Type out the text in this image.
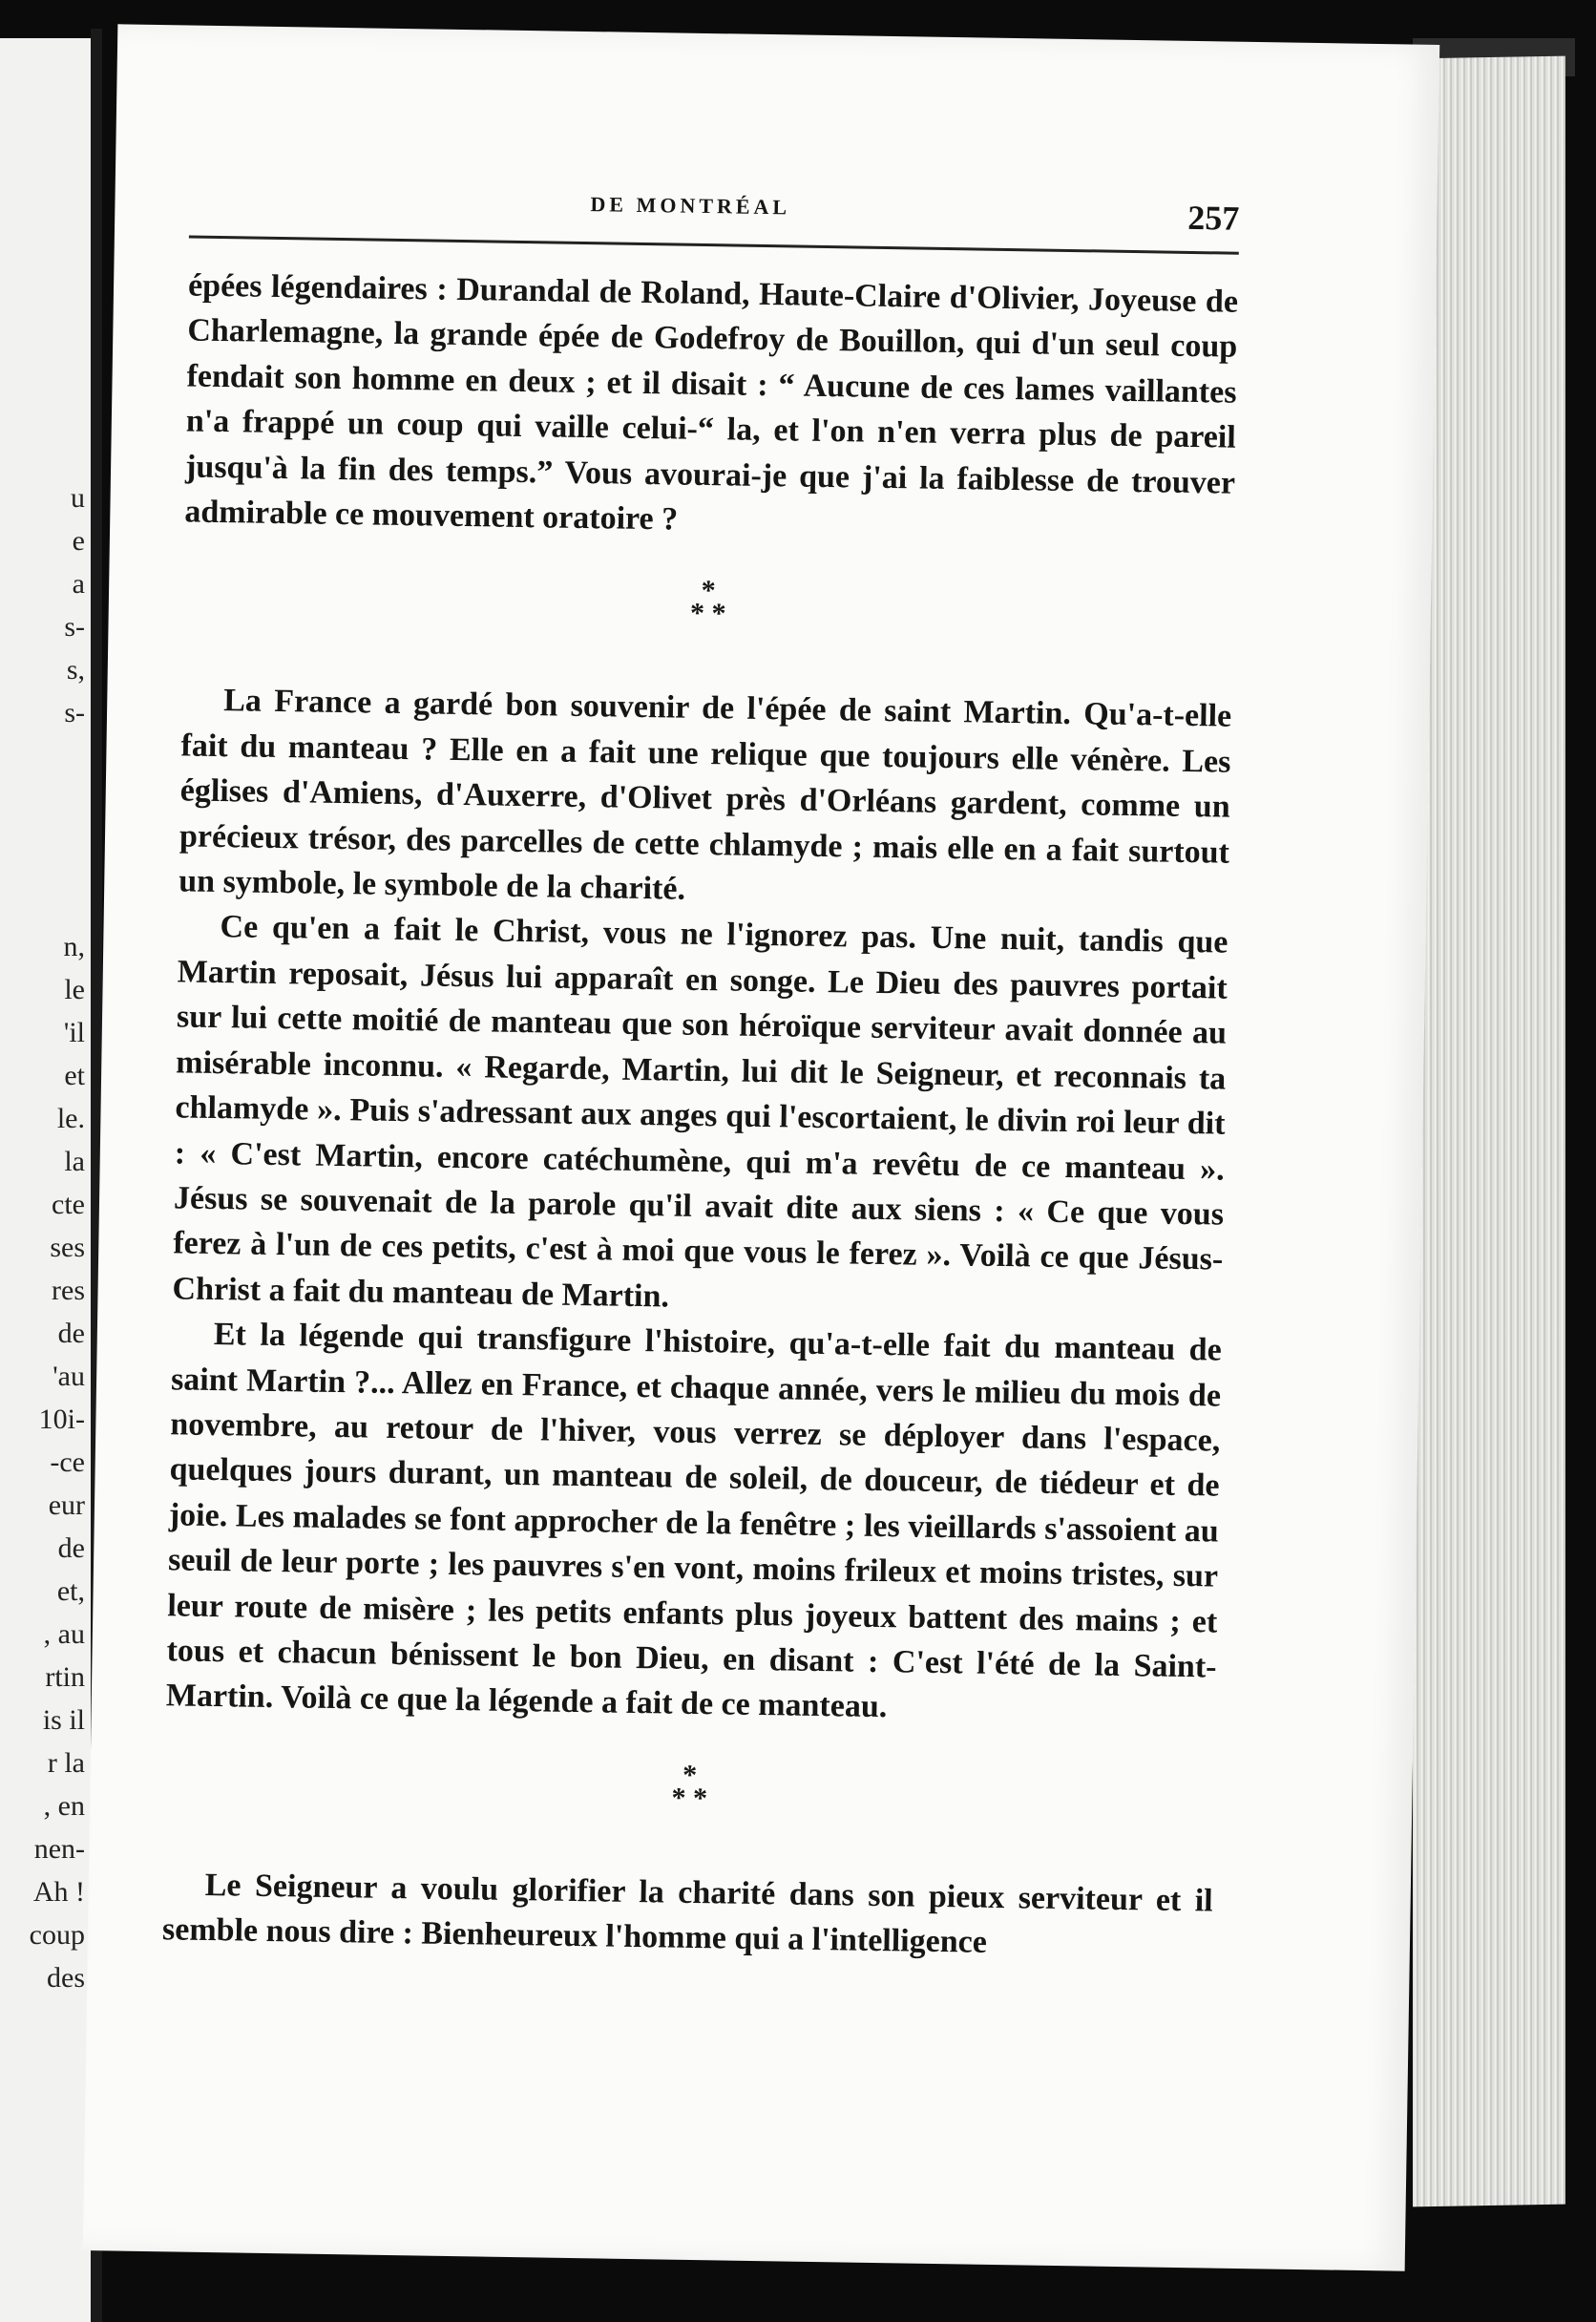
u
e
a
s-
s,
s-
n,
le
'il
et
le.
la
cte
ses
res
de
'au
10i-
-ce
eur
de
et,
, au
rtin
is il
r la
, en
nen-
Ah !
coup
des
DE MONTRÉAL	257

épées légendaires : Durandal de Roland, Haute-Claire d'Olivier, Joyeuse de Charlemagne, la grande épée de Godefroy de Bouillon, qui d'un seul coup fendait son homme en deux ; et il disait : “ Aucune de ces lames vaillantes n'a frappé un coup qui vaille celui-“ la, et l'on n'en verra plus de pareil jusqu'à la fin des temps.” Vous avourai-je que j'ai la faiblesse de trouver admirable ce mouvement oratoire ?

*
* *

La France a gardé bon souvenir de l'épée de saint Martin. Qu'a-t-elle fait du manteau ? Elle en a fait une relique que toujours elle vénère. Les églises d'Amiens, d'Auxerre, d'Olivet près d'Orléans gardent, comme un précieux trésor, des parcelles de cette chlamyde ; mais elle en a fait surtout un symbole, le symbole de la charité.

Ce qu'en a fait le Christ, vous ne l'ignorez pas. Une nuit, tandis que Martin reposait, Jésus lui apparaît en songe. Le Dieu des pauvres portait sur lui cette moitié de manteau que son héroïque serviteur avait donnée au misérable inconnu. « Regarde, Martin, lui dit le Seigneur, et reconnais ta chlamyde ». Puis s'adressant aux anges qui l'escortaient, le divin roi leur dit : « C'est Martin, encore catéchumène, qui m'a revêtu de ce manteau ». Jésus se souvenait de la parole qu'il avait dite aux siens : « Ce que vous ferez à l'un de ces petits, c'est à moi que vous le ferez ». Voilà ce que Jésus-Christ a fait du manteau de Martin.

Et la légende qui transfigure l'histoire, qu'a-t-elle fait du manteau de saint Martin ?... Allez en France, et chaque année, vers le milieu du mois de novembre, au retour de l'hiver, vous verrez se déployer dans l'espace, quelques jours durant, un manteau de soleil, de douceur, de tiédeur et de joie. Les malades se font approcher de la fenêtre ; les vieillards s'assoient au seuil de leur porte ; les pauvres s'en vont, moins frileux et moins tristes, sur leur route de misère ; les petits enfants plus joyeux battent des mains ; et tous et chacun bénissent le bon Dieu, en disant : C'est l'été de la Saint-Martin. Voilà ce que la légende a fait de ce manteau.

*
* *

Le Seigneur a voulu glorifier la charité dans son pieux serviteur et il semble nous dire : Bienheureux l'homme qui a l'intelligence
